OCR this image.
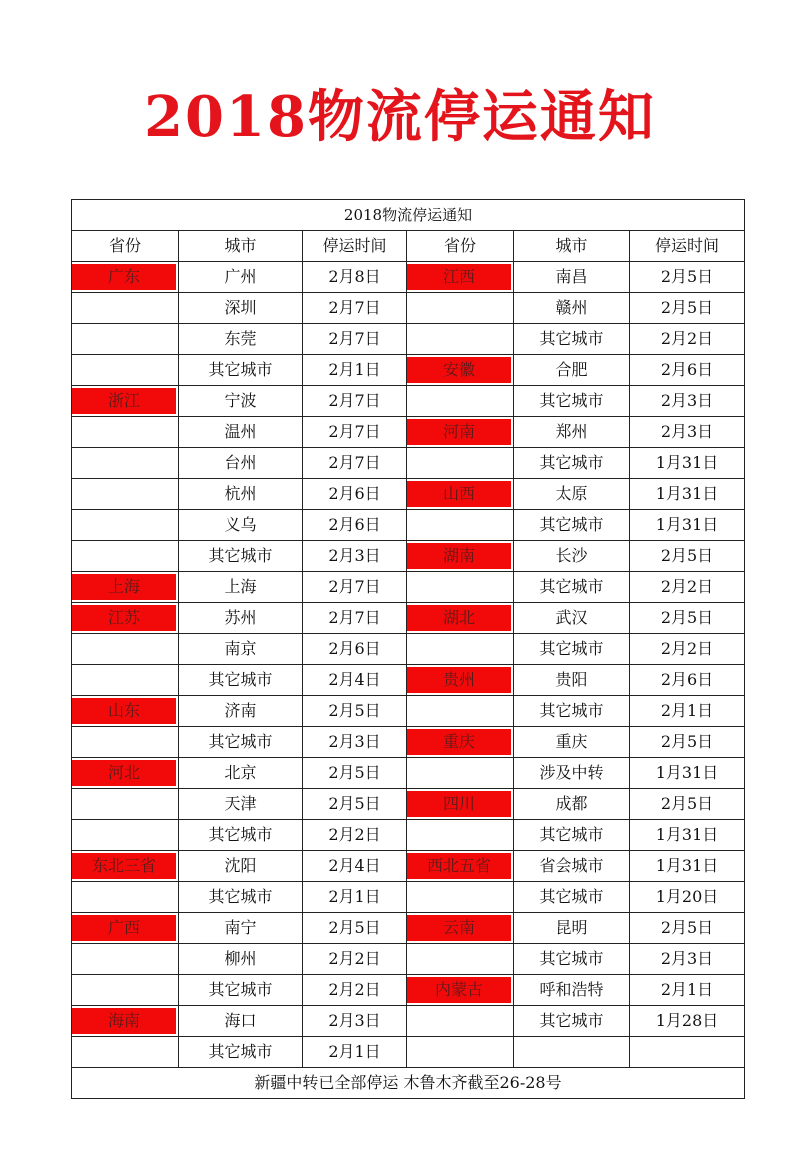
2018物流停运通知
2018物流停运通知					
省份	城市	停运时间	省份	城市	停运时间

广东	广州	2月8日	江西	南昌	2月5日
	深圳	2月7日		赣州	2月5日
	东莞	2月7日		其它城市	2月2日
	其它城市	2月1日	安徽	合肥	2月6日

浙江	宁波	2月7日		其它城市	2月3日
	温州	2月7日	河南	郑州	2月3日
	台州	2月7日		其它城市	1月31日
	杭州	2月6日	山西	太原	1月31日
	义乌	2月6日		其它城市	1月31日
	其它城市	2月3日	湖南	长沙	2月5日

上海	上海	2月7日		其它城市	2月2日

江苏	苏州	2月7日	湖北	武汉	2月5日
	南京	2月6日		其它城市	2月2日
	其它城市	2月4日	贵州	贵阳	2月6日

山东	济南	2月5日		其它城市	2月1日
	其它城市	2月3日	重庆	重庆	2月5日

河北	北京	2月5日		涉及中转	1月31日
	天津	2月5日	四川	成都	2月5日
	其它城市	2月2日		其它城市	1月31日

东北三省	沈阳	2月4日	西北五省	省会城市	1月31日
	其它城市	2月1日		其它城市	1月20日

广西	南宁	2月5日	云南	昆明	2月5日
	柳州	2月2日		其它城市	2月3日
	其它城市	2月2日	内蒙古	呼和浩特	2月1日

海南	海口	2月3日		其它城市	1月28日
	其它城市	2月1日			
新疆中转已全部停运 木鲁木齐截至26-28号					
